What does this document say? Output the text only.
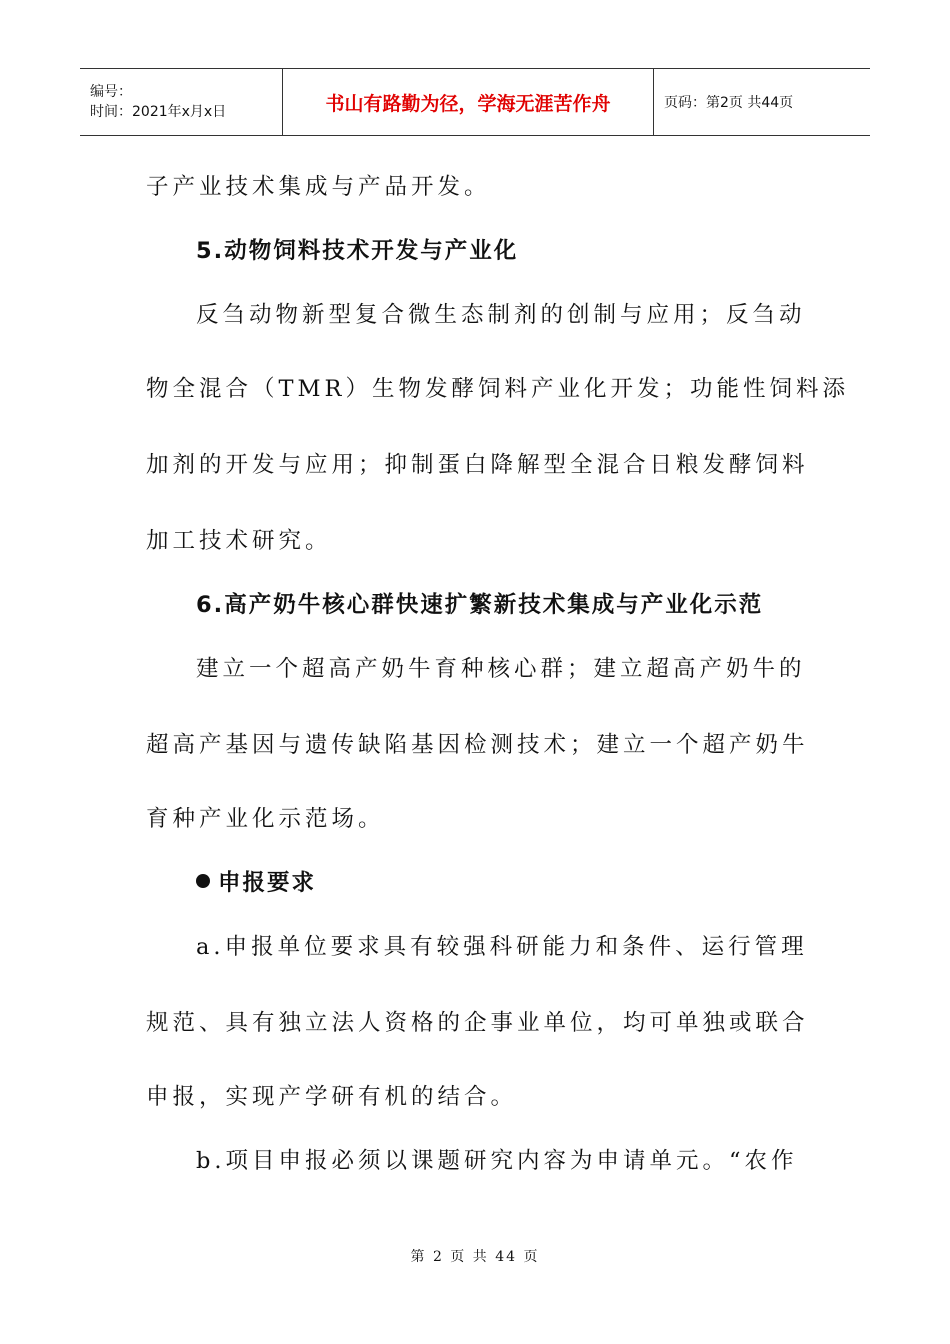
编号：
时间：2021年x月x日	书山有路勤为径，学海无涯苦作舟	页码：第2页 共44页

子产业技术集成与产品开发。

5.动物饲料技术开发与产业化

反刍动物新型复合微生态制剂的创制与应用；反刍动

物全混合（TMR）生物发酵饲料产业化开发；功能性饲料添

加剂的开发与应用；抑制蛋白降解型全混合日粮发酵饲料

加工技术研究。

6.高产奶牛核心群快速扩繁新技术集成与产业化示范

建立一个超高产奶牛育种核心群；建立超高产奶牛的

超高产基因与遗传缺陷基因检测技术；建立一个超产奶牛

育种产业化示范场。

申报要求

a.申报单位要求具有较强科研能力和条件、运行管理

规范、具有独立法人资格的企事业单位，均可单独或联合

申报，实现产学研有机的结合。

b.项目申报必须以课题研究内容为申请单元。“农作

第 2 页 共 44 页
